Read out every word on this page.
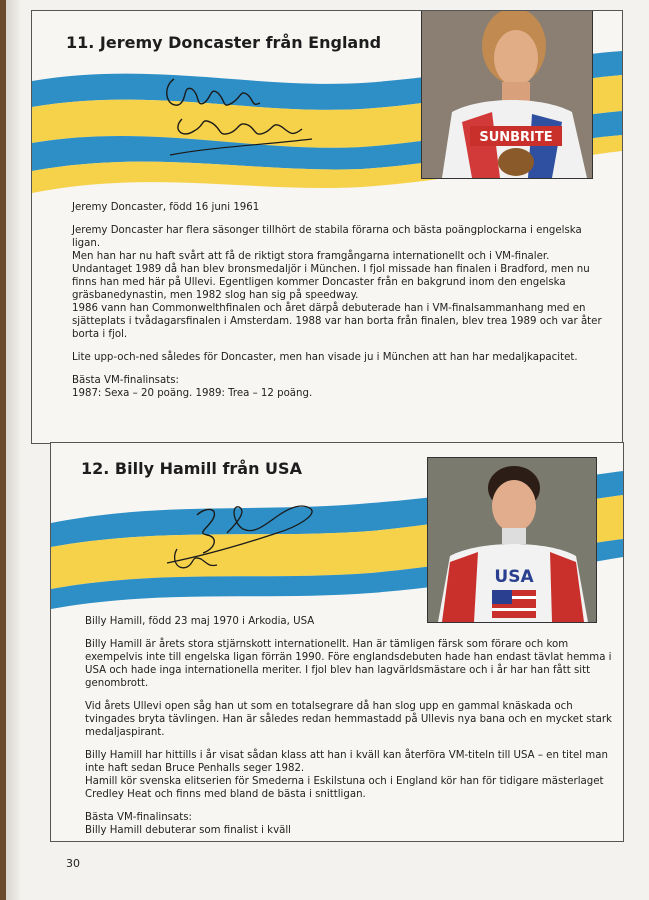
11. Jeremy Doncaster från England
SUNBRITE

Jeremy Doncaster, född 16 juni 1961

Jeremy Doncaster har flera säsonger tillhört de stabila förarna och bästa poängplockarna i engelska ligan.

Men han har nu haft svårt att få de riktigt stora framgångarna internationellt och i VM-finaler. Undantaget 1989 då han blev bronsmedaljör i München. I fjol missade han finalen i Bradford, men nu finns han med här på Ullevi. Egentligen kommer Doncaster från en bakgrund inom den engelska gräsbanedynastin, men 1982 slog han sig på speedway.

1986 vann han Commonwelthfinalen och året därpå debuterade han i VM-finalsammanhang med en sjätteplats i tvådagarsfinalen i Amsterdam. 1988 var han borta från finalen, blev trea 1989 och var åter borta i fjol.

Lite upp-och-ned således för Doncaster, men han visade ju i München att han har medaljkapacitet.

Bästa VM-finalinsats:
1987: Sexa – 20 poäng. 1989: Trea – 12 poäng.
12. Billy Hamill från USA
USA

Billy Hamill, född 23 maj 1970 i Arkodia, USA

Billy Hamill är årets stora stjärnskott internationellt. Han är tämligen färsk som förare och kom exempelvis inte till engelska ligan förrän 1990. Före englandsdebuten hade han endast tävlat hemma i USA och hade inga internationella meriter. I fjol blev han lagvärldsmästare och i år har han fått sitt genombrott.

Vid årets Ullevi open såg han ut som en totalsegrare då han slog upp en gammal knäskada och tvingades bryta tävlingen. Han är således redan hemmastadd på Ullevis nya bana och en mycket stark medaljaspirant.

Billy Hamill har hittills i år visat sådan klass att han i kväll kan återföra VM-titeln till USA – en titel man inte haft sedan Bruce Penhalls seger 1982.

Hamill kör svenska elitserien för Smederna i Eskilstuna och i England kör han för tidigare mästerlaget Credley Heat och finns med bland de bästa i snittligan.

Bästa VM-finalinsats:
Billy Hamill debuterar som finalist i kväll
30
